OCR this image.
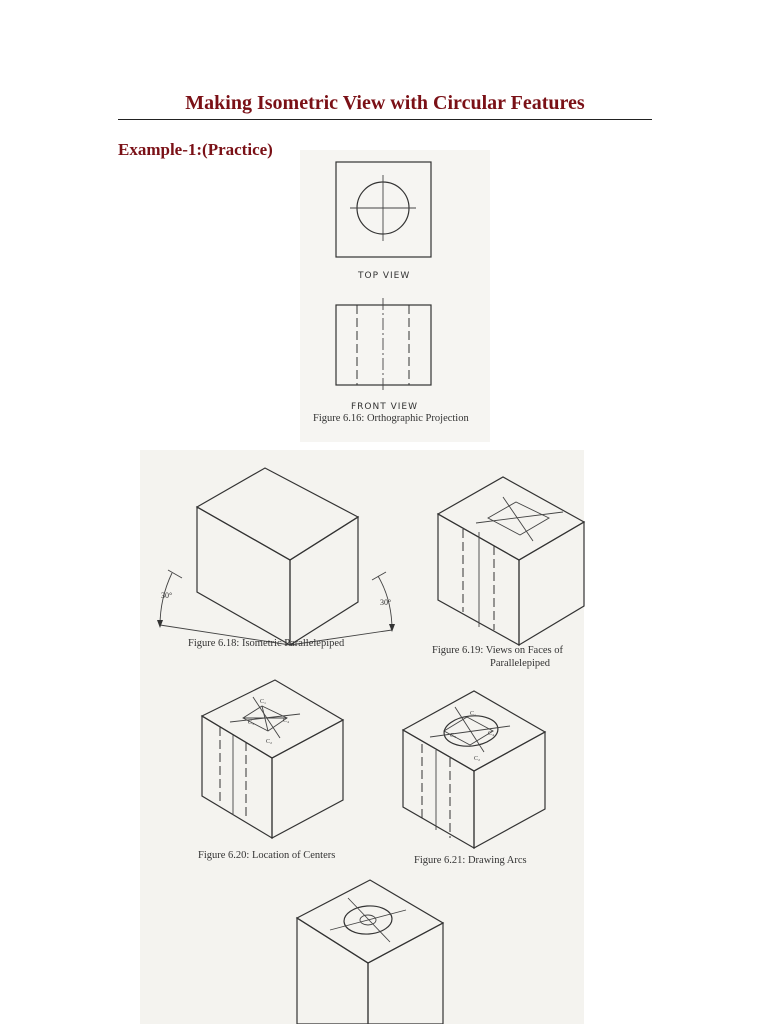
Making Isometric View with Circular Features
Example-1:(Practice)
C₁
C₂
C₃	C₄
C₁
C₂
C₃	C₄
TOP VIEW
FRONT VIEW
Figure 6.16: Orthographic Projection
30°
30°
Figure 6.18: Isometric Parallelepiped
Figure 6.19: Views on Faces of
Parallelepiped
Figure 6.20: Location of Centers	Figure 6.21: Drawing Arcs
